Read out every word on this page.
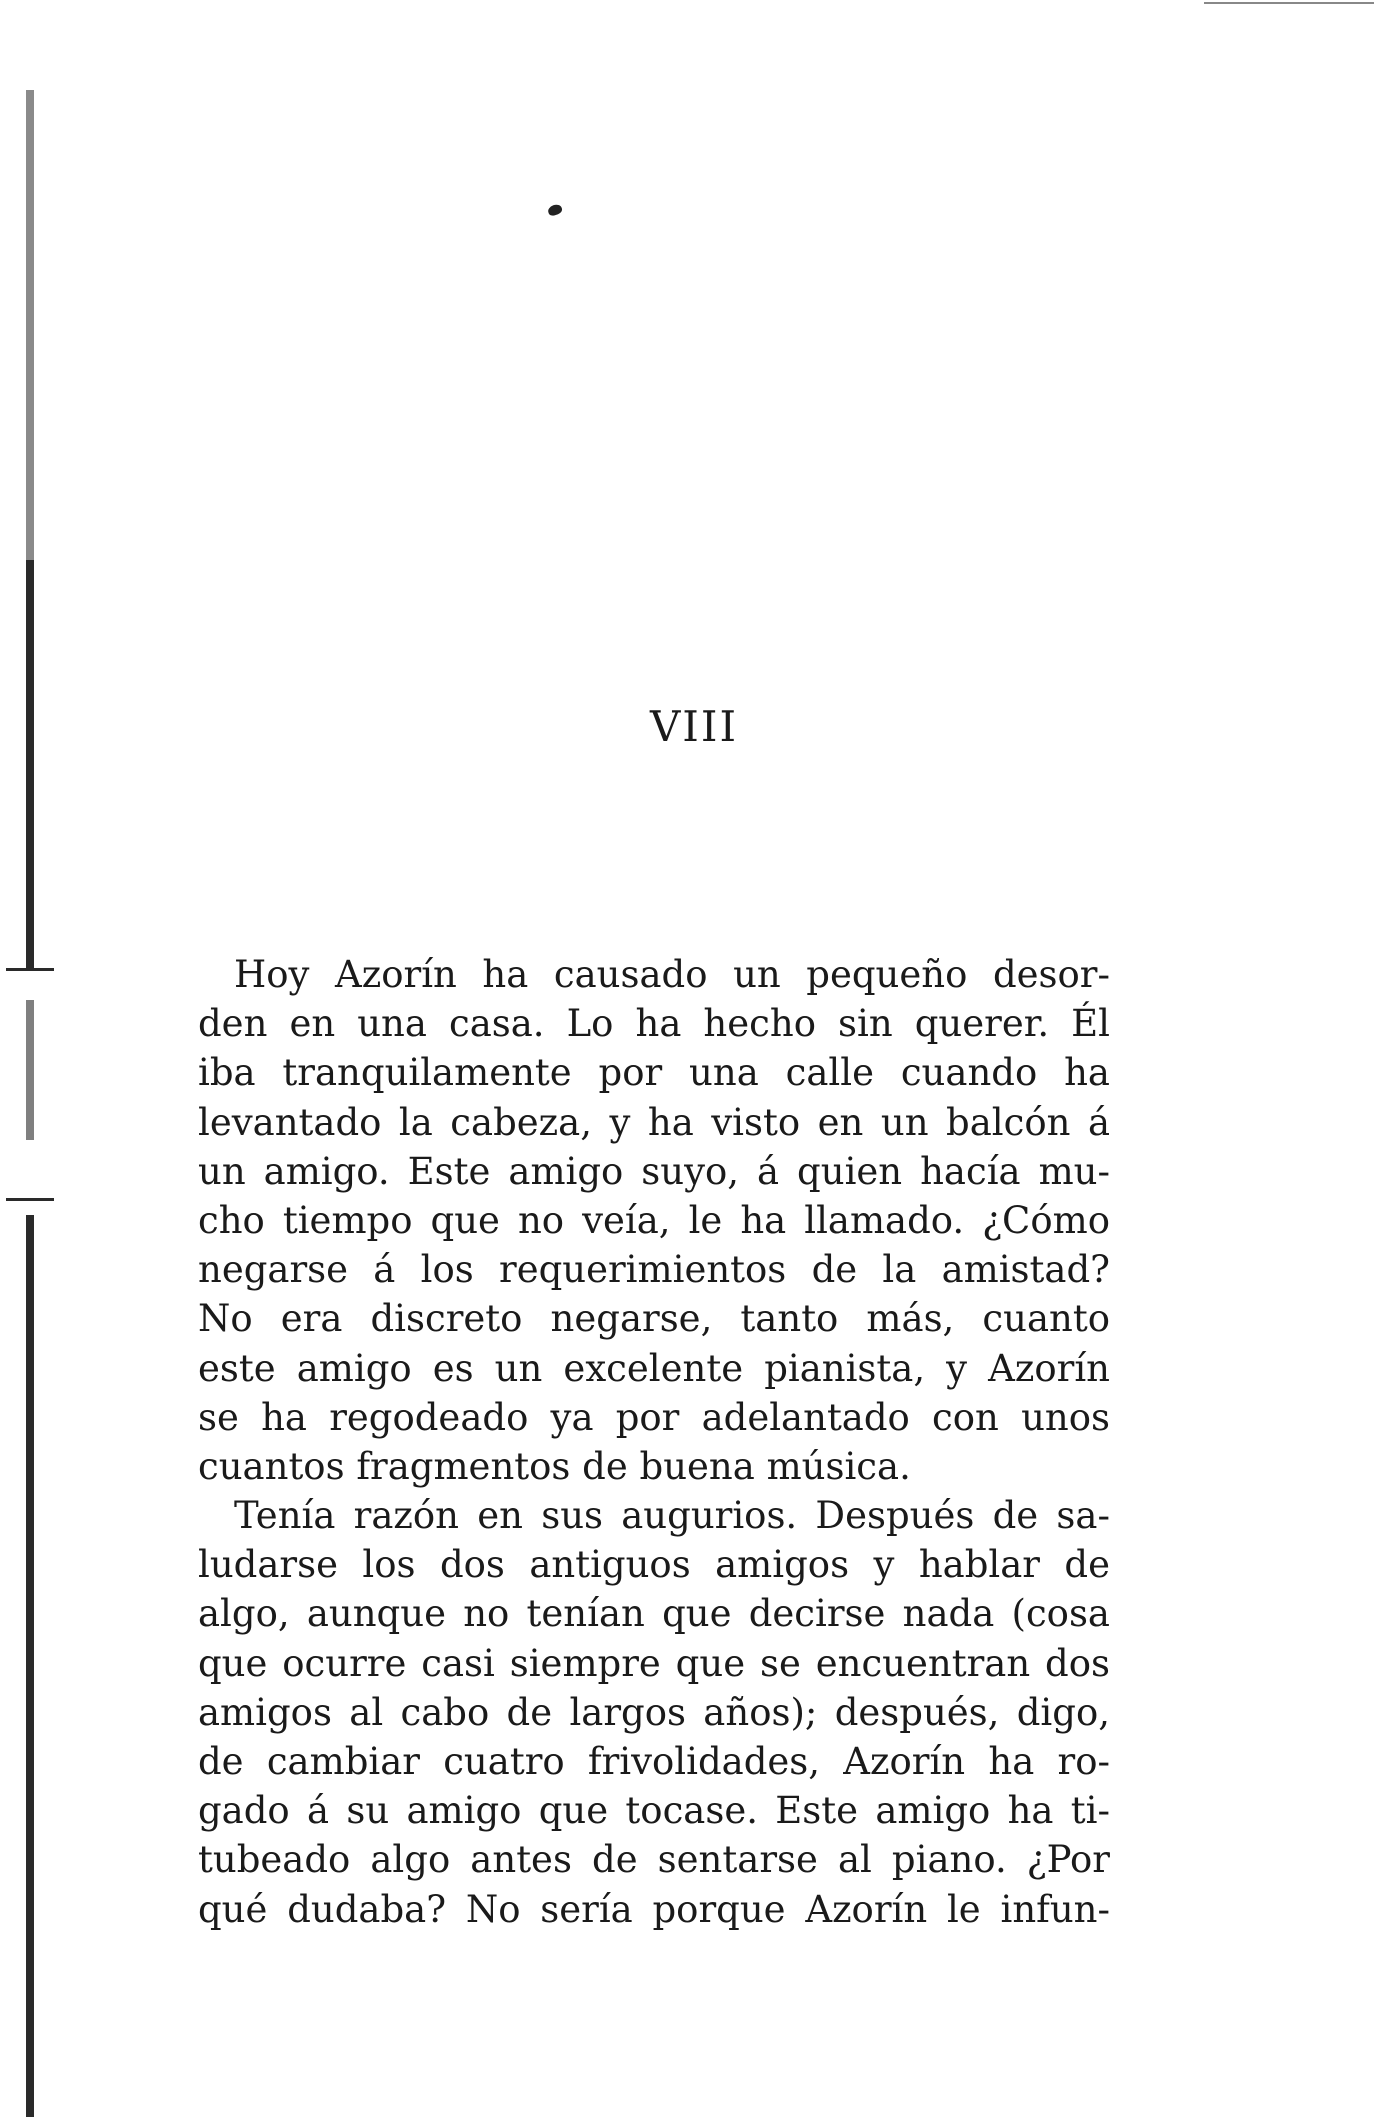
VIII
Hoy Azorín ha causado un pequeño desor-
den en una casa. Lo ha hecho sin querer. Él
iba tranquilamente por una calle cuando ha
levantado la cabeza, y ha visto en un balcón á
un amigo. Este amigo suyo, á quien hacía mu-
cho tiempo que no veía, le ha llamado. ¿Cómo
negarse á los requerimientos de la amistad?
No era discreto negarse, tanto más, cuanto
este amigo es un excelente pianista, y Azorín
se ha regodeado ya por adelantado con unos
cuantos fragmentos de buena música.
Tenía razón en sus augurios. Después de sa-
ludarse los dos antiguos amigos y hablar de
algo, aunque no tenían que decirse nada (cosa
que ocurre casi siempre que se encuentran dos
amigos al cabo de largos años); después, digo,
de cambiar cuatro frivolidades, Azorín ha ro-
gado á su amigo que tocase. Este amigo ha ti-
tubeado algo antes de sentarse al piano. ¿Por
qué dudaba? No sería porque Azorín le infun-
